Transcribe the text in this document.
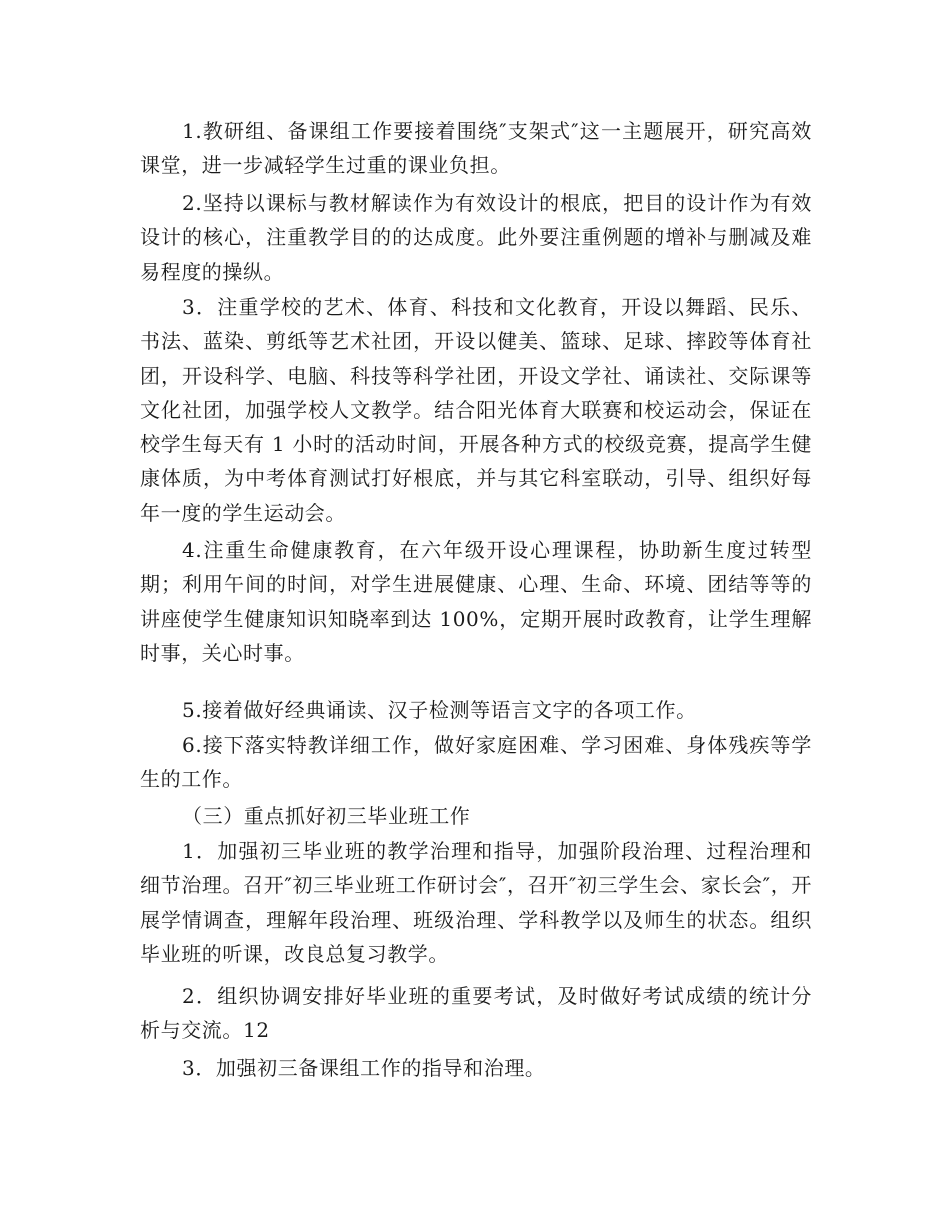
1.教研组、备课组工作要接着围绕″支架式″这一主题展开，研究高效课堂，进一步减轻学生过重的课业负担。

2.坚持以课标与教材解读作为有效设计的根底，把目的设计作为有效设计的核心，注重教学目的的达成度。此外要注重例题的增补与删减及难易程度的操纵。

3．注重学校的艺术、体育、科技和文化教育，开设以舞蹈、民乐、书法、蓝染、剪纸等艺术社团，开设以健美、篮球、足球、摔跤等体育社团，开设科学、电脑、科技等科学社团，开设文学社、诵读社、交际课等文化社团，加强学校人文教学。结合阳光体育大联赛和校运动会，保证在校学生每天有 1 小时的活动时间，开展各种方式的校级竞赛，提高学生健康体质，为中考体育测试打好根底，并与其它科室联动，引导、组织好每年一度的学生运动会。

4.注重生命健康教育，在六年级开设心理课程，协助新生度过转型期；利用午间的时间，对学生进展健康、心理、生命、环境、团结等等的讲座使学生健康知识知晓率到达 100%，定期开展时政教育，让学生理解时事，关心时事。

5.接着做好经典诵读、汉子检测等语言文字的各项工作。

6.接下落实特教详细工作，做好家庭困难、学习困难、身体残疾等学生的工作。

（三）重点抓好初三毕业班工作

1．加强初三毕业班的教学治理和指导，加强阶段治理、过程治理和细节治理。召开″初三毕业班工作研讨会″，召开″初三学生会、家长会″，开展学情调查，理解年段治理、班级治理、学科教学以及师生的状态。组织毕业班的听课，改良总复习教学。

2．组织协调安排好毕业班的重要考试，及时做好考试成绩的统计分析与交流。12

3．加强初三备课组工作的指导和治理。
